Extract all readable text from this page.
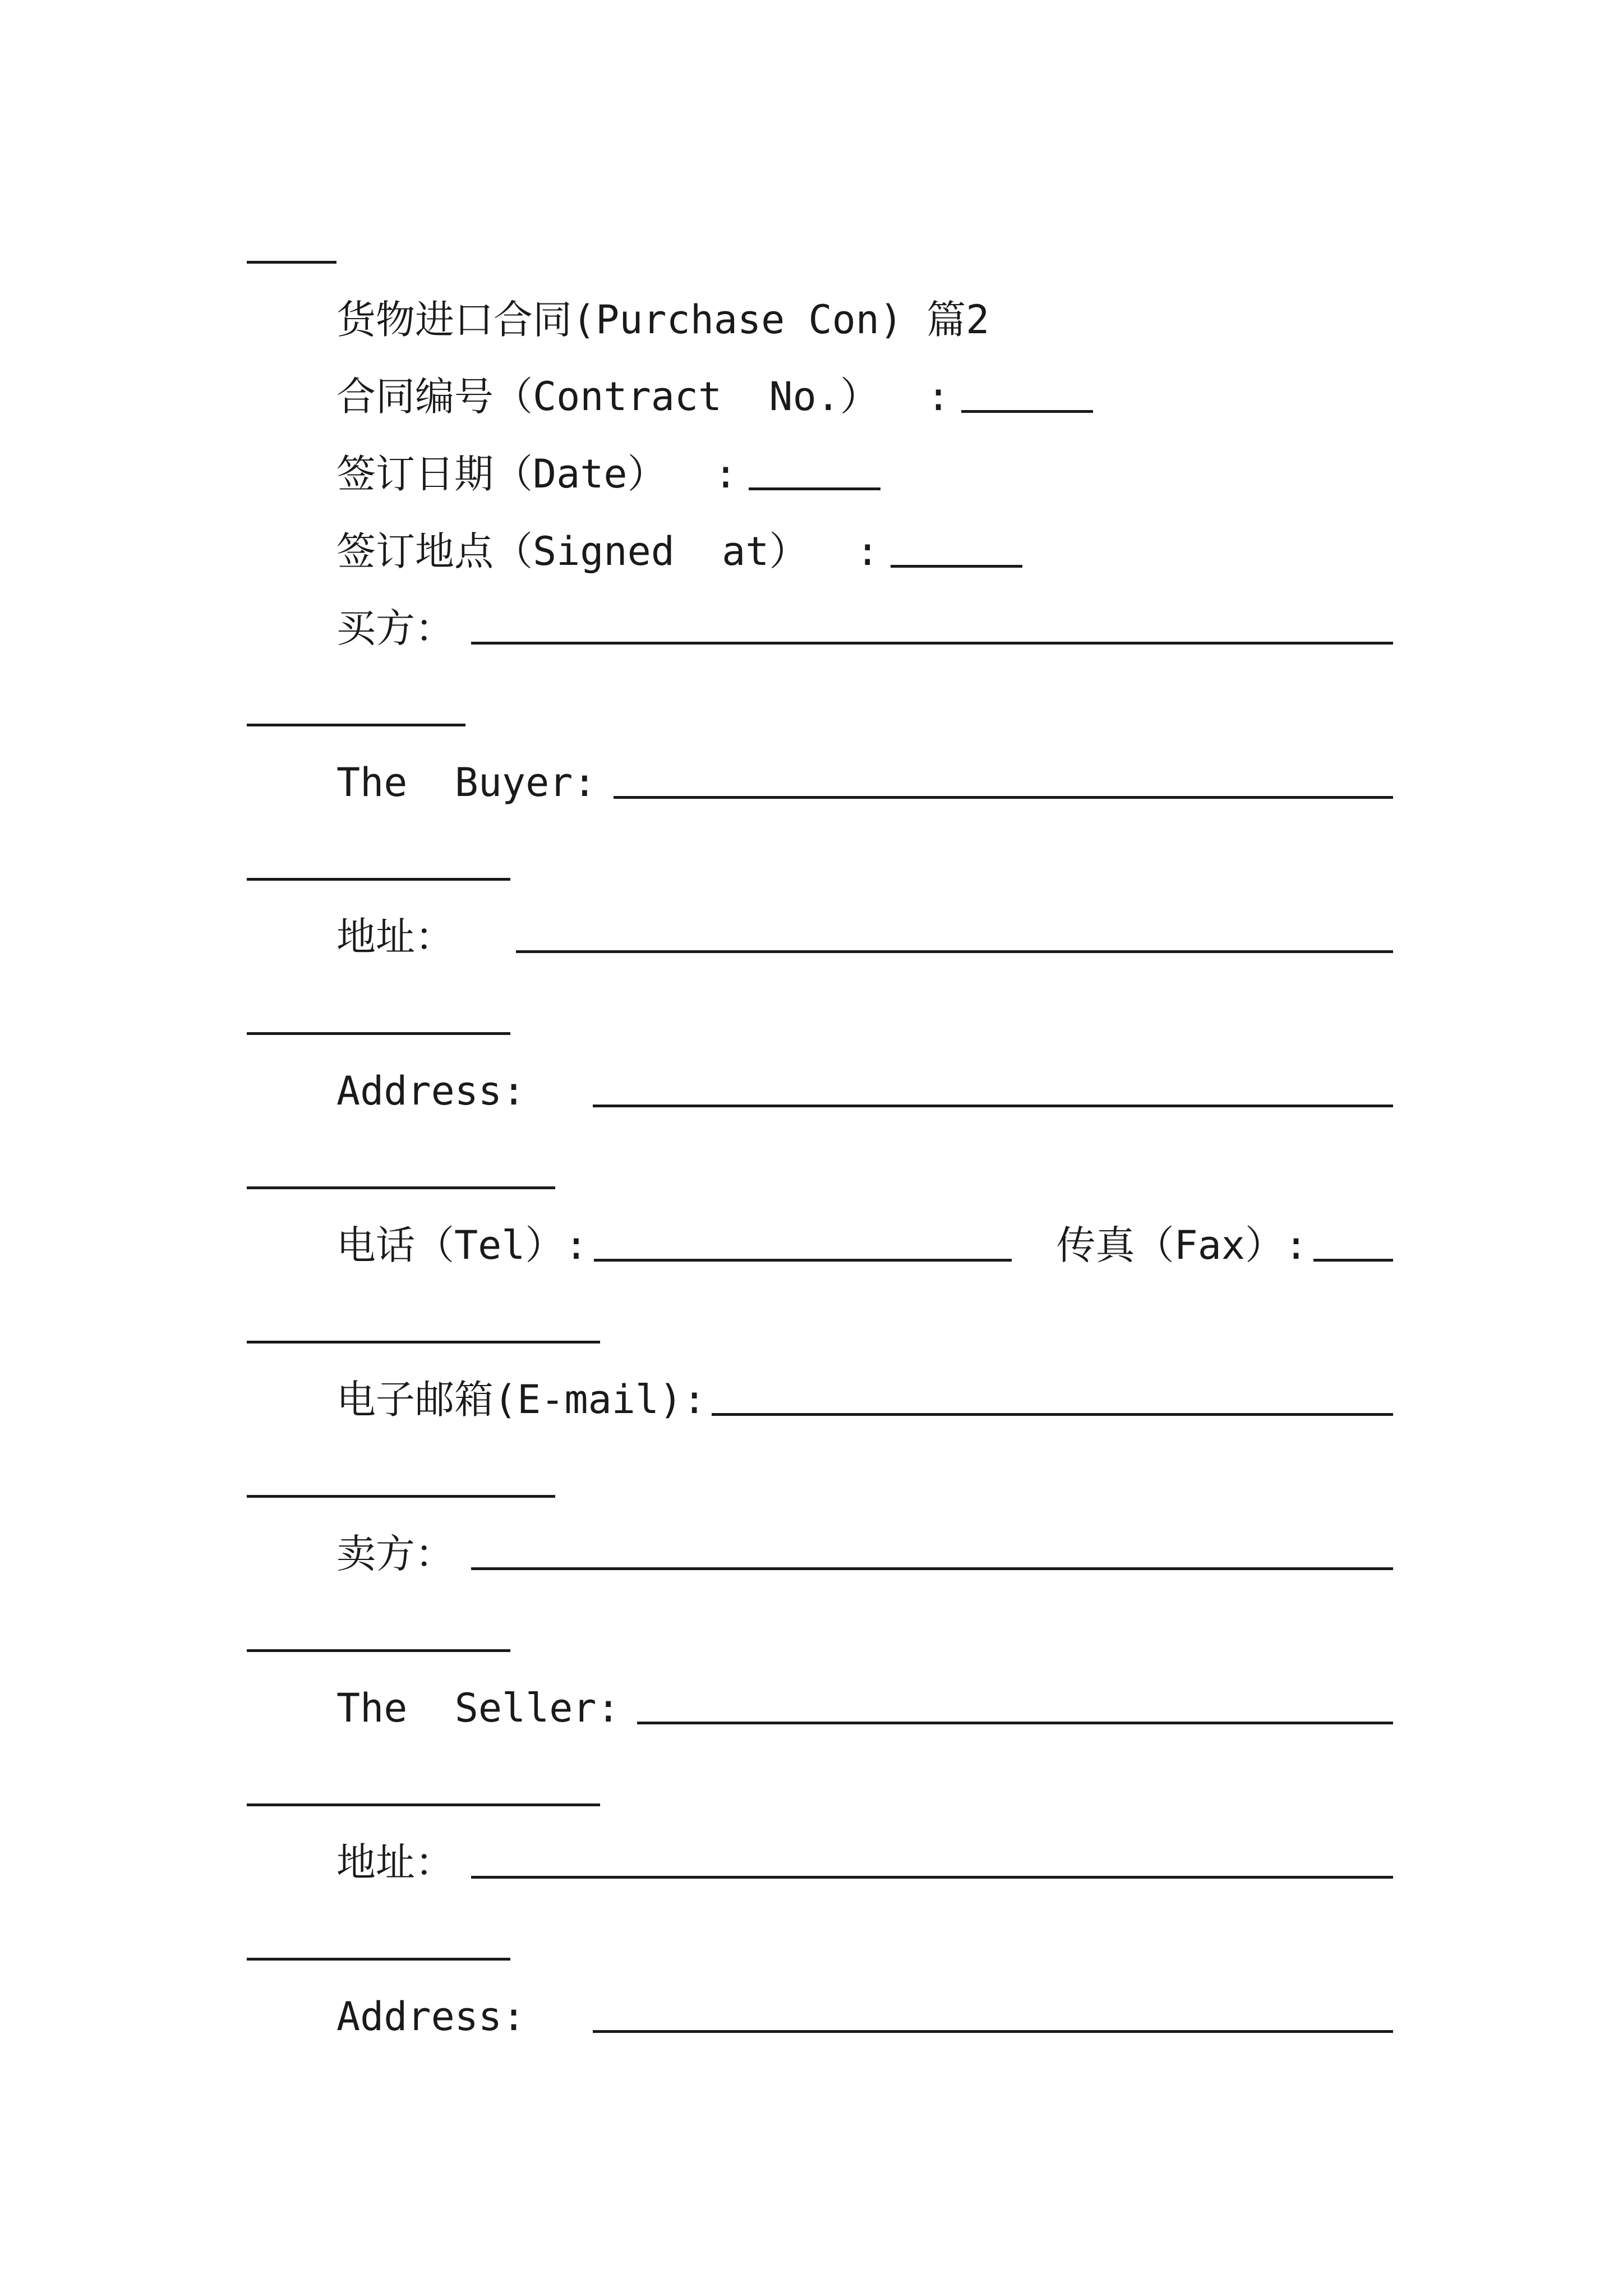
货物进口合同(Purchase Con) 篇2
合同编号（Contract  No.）  :
签订日期（Date）  :
签订地点（Signed  at）  :
买方：
The  Buyer:
地址：
Address:
电话（Tel）:	传真（Fax）:
电子邮箱(E-mail):
卖方：
The  Seller:
地址：
Address:
